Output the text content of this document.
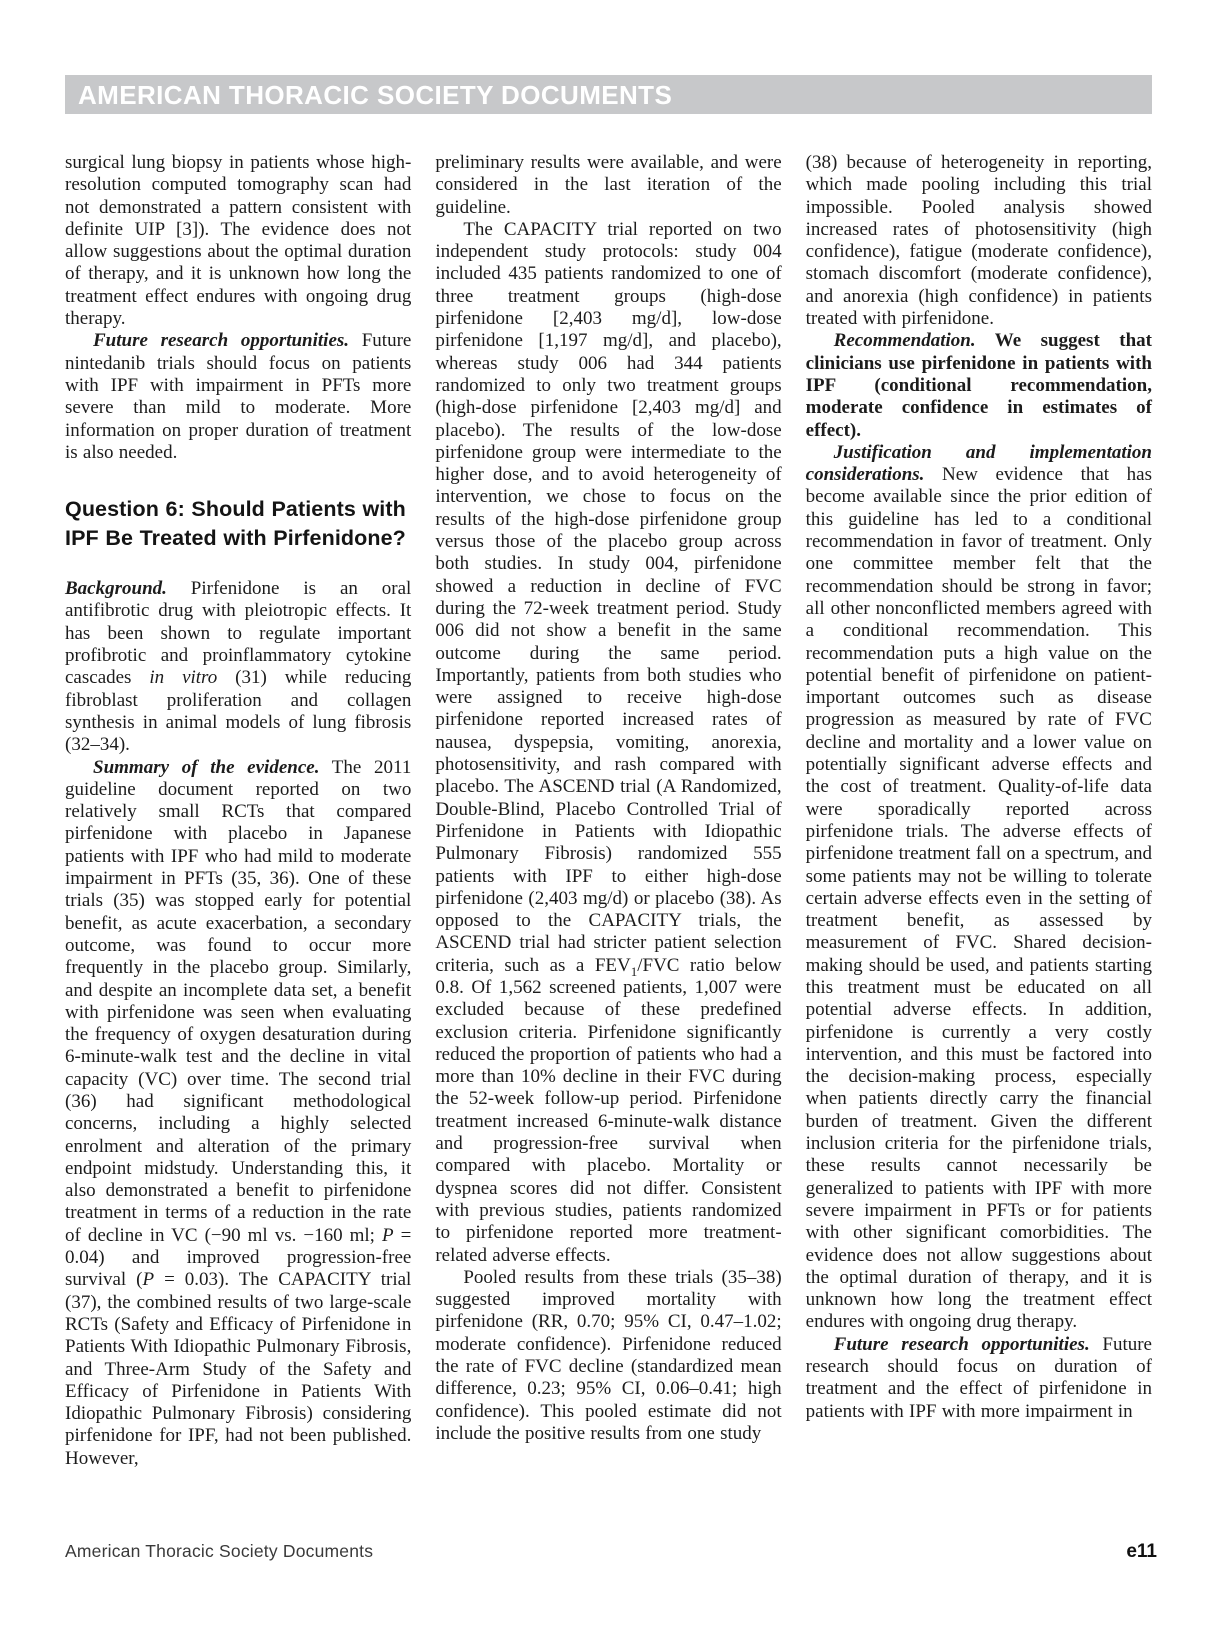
AMERICAN THORACIC SOCIETY DOCUMENTS

surgical lung biopsy in patients whose high-resolution computed tomography scan had not demonstrated a pattern consistent with definite UIP [3]). The evidence does not allow suggestions about the optimal duration of therapy, and it is unknown how long the treatment effect endures with ongoing drug therapy.

Future research opportunities. Future nintedanib trials should focus on patients with IPF with impairment in PFTs more severe than mild to moderate. More information on proper duration of treatment is also needed.

Question 6: Should Patients with IPF Be Treated with Pirfenidone?

Background. Pirfenidone is an oral antifibrotic drug with pleiotropic effects. It has been shown to regulate important profibrotic and proinflammatory cytokine cascades in vitro (31) while reducing fibroblast proliferation and collagen synthesis in animal models of lung fibrosis (32–34).

Summary of the evidence. The 2011 guideline document reported on two relatively small RCTs that compared pirfenidone with placebo in Japanese patients with IPF who had mild to moderate impairment in PFTs (35, 36). One of these trials (35) was stopped early for potential benefit, as acute exacerbation, a secondary outcome, was found to occur more frequently in the placebo group. Similarly, and despite an incomplete data set, a benefit with pirfenidone was seen when evaluating the frequency of oxygen desaturation during 6-minute-walk test and the decline in vital capacity (VC) over time. The second trial (36) had significant methodological concerns, including a highly selected enrolment and alteration of the primary endpoint midstudy. Understanding this, it also demonstrated a benefit to pirfenidone treatment in terms of a reduction in the rate of decline in VC (−90 ml vs. −160 ml; P = 0.04) and improved progression-free survival (P = 0.03). The CAPACITY trial (37), the combined results of two large-scale RCTs (Safety and Efficacy of Pirfenidone in Patients With Idiopathic Pulmonary Fibrosis, and Three-Arm Study of the Safety and Efficacy of Pirfenidone in Patients With Idiopathic Pulmonary Fibrosis) considering pirfenidone for IPF, had not been published. However,

preliminary results were available, and were considered in the last iteration of the guideline.

The CAPACITY trial reported on two independent study protocols: study 004 included 435 patients randomized to one of three treatment groups (high-dose pirfenidone [2,403 mg/d], low-dose pirfenidone [1,197 mg/d], and placebo), whereas study 006 had 344 patients randomized to only two treatment groups (high-dose pirfenidone [2,403 mg/d] and placebo). The results of the low-dose pirfenidone group were intermediate to the higher dose, and to avoid heterogeneity of intervention, we chose to focus on the results of the high-dose pirfenidone group versus those of the placebo group across both studies. In study 004, pirfenidone showed a reduction in decline of FVC during the 72-week treatment period. Study 006 did not show a benefit in the same outcome during the same period. Importantly, patients from both studies who were assigned to receive high-dose pirfenidone reported increased rates of nausea, dyspepsia, vomiting, anorexia, photosensitivity, and rash compared with placebo. The ASCEND trial (A Randomized, Double-Blind, Placebo Controlled Trial of Pirfenidone in Patients with Idiopathic Pulmonary Fibrosis) randomized 555 patients with IPF to either high-dose pirfenidone (2,403 mg/d) or placebo (38). As opposed to the CAPACITY trials, the ASCEND trial had stricter patient selection criteria, such as a $FEV_1$/FVC ratio below 0.8. Of 1,562 screened patients, 1,007 were excluded because of these predefined exclusion criteria. Pirfenidone significantly reduced the proportion of patients who had a more than 10% decline in their FVC during the 52-week follow-up period. Pirfenidone treatment increased 6-minute-walk distance and progression-free survival when compared with placebo. Mortality or dyspnea scores did not differ. Consistent with previous studies, patients randomized to pirfenidone reported more treatment-related adverse effects.

Pooled results from these trials (35–38) suggested improved mortality with pirfenidone (RR, 0.70; 95% CI, 0.47–1.02; moderate confidence). Pirfenidone reduced the rate of FVC decline (standardized mean difference, 0.23; 95% CI, 0.06–0.41; high confidence). This pooled estimate did not include the positive results from one study

(38) because of heterogeneity in reporting, which made pooling including this trial impossible. Pooled analysis showed increased rates of photosensitivity (high confidence), fatigue (moderate confidence), stomach discomfort (moderate confidence), and anorexia (high confidence) in patients treated with pirfenidone.

Recommendation. We suggest that clinicians use pirfenidone in patients with IPF (conditional recommendation, moderate confidence in estimates of effect).

Justification and implementation considerations. New evidence that has become available since the prior edition of this guideline has led to a conditional recommendation in favor of treatment. Only one committee member felt that the recommendation should be strong in favor; all other nonconflicted members agreed with a conditional recommendation. This recommendation puts a high value on the potential benefit of pirfenidone on patient-important outcomes such as disease progression as measured by rate of FVC decline and mortality and a lower value on potentially significant adverse effects and the cost of treatment. Quality-of-life data were sporadically reported across pirfenidone trials. The adverse effects of pirfenidone treatment fall on a spectrum, and some patients may not be willing to tolerate certain adverse effects even in the setting of treatment benefit, as assessed by measurement of FVC. Shared decision-making should be used, and patients starting this treatment must be educated on all potential adverse effects. In addition, pirfenidone is currently a very costly intervention, and this must be factored into the decision-making process, especially when patients directly carry the financial burden of treatment. Given the different inclusion criteria for the pirfenidone trials, these results cannot necessarily be generalized to patients with IPF with more severe impairment in PFTs or for patients with other significant comorbidities. The evidence does not allow suggestions about the optimal duration of therapy, and it is unknown how long the treatment effect endures with ongoing drug therapy.

Future research opportunities. Future research should focus on duration of treatment and the effect of pirfenidone in patients with IPF with more impairment in

American Thoracic Society Documents	e11
